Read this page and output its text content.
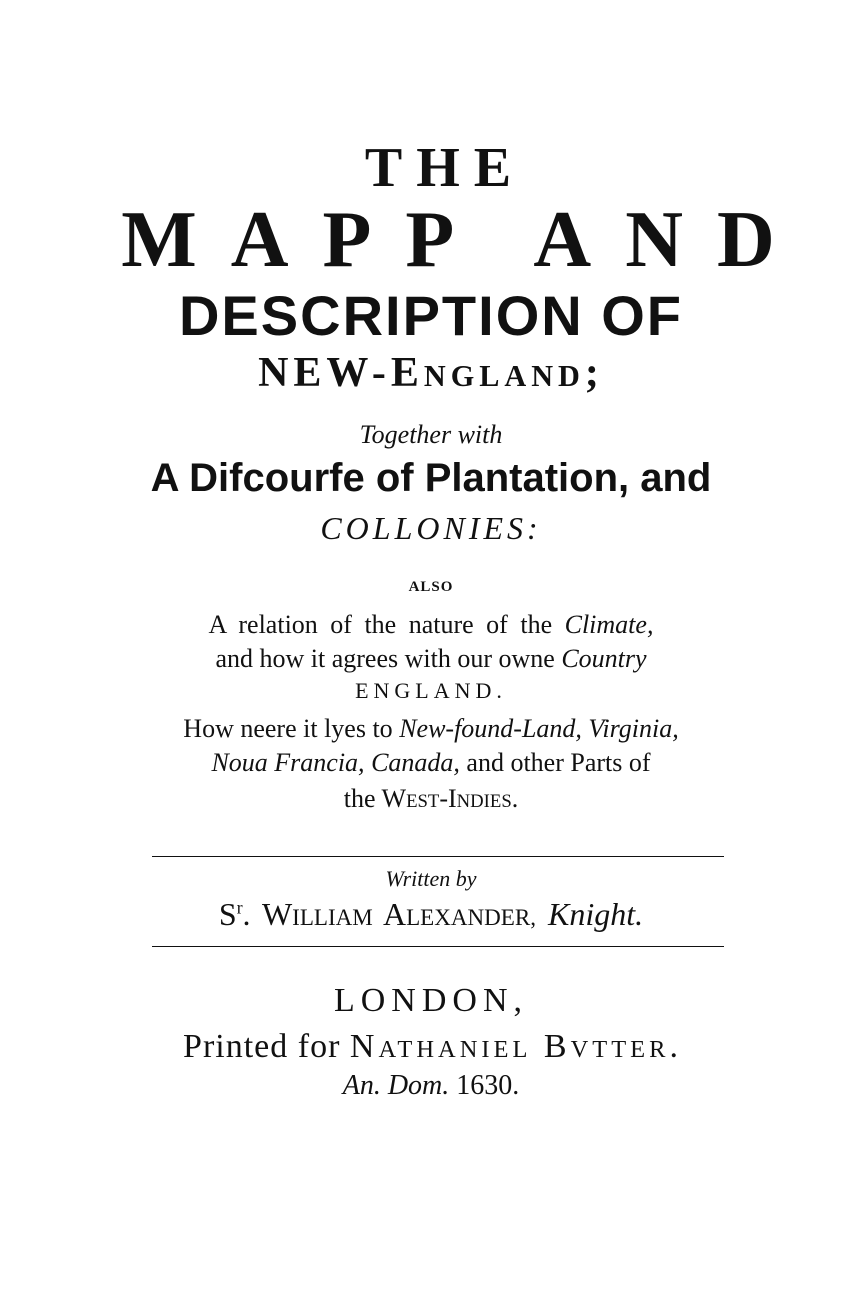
THE
MAPP AND
DESCRIPTION OF
NEW-ENGLAND;
Together with
A Difcourfe of Plantation, and
COLLONIES:
ALSO
A relation of the nature of the Climate,
and how it agrees with our owne Country
ENGLAND.
How neere it lyes to New-found-Land, Virginia,
Noua Francia, Canada, and other Parts of
the WEST-INDIES.
Written by
$S^r$. WILLIAM ALEXANDER, Knight.
LONDON,
Printed for NATHANIEL BVTTER.
An. Dom. 1630.
